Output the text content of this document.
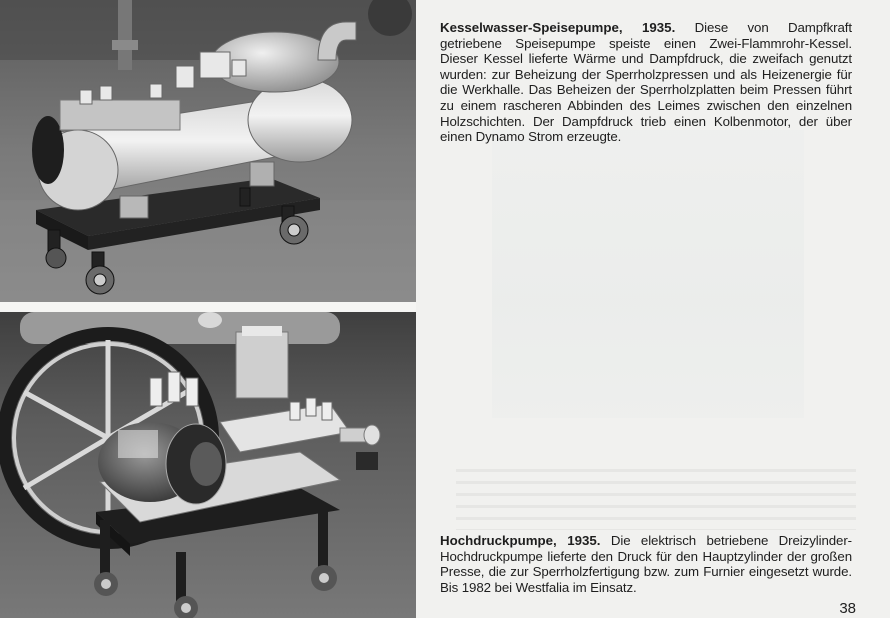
Kesselwasser-Speisepumpe, 1935. Diese von Dampfkraft getriebene Speisepumpe speiste einen Zwei-Flammrohr-Kessel. Dieser Kessel lieferte Wärme und Dampfdruck, die zweifach genutzt wurden: zur Beheizung der Sperrholzpressen und als Heizenergie für die Werkhalle. Das Beheizen der Sperrholzplatten beim Pressen führt zu einem rascheren Abbinden des Leimes zwischen den einzelnen Holzschichten. Der Dampfdruck trieb einen Kolbenmotor, der über einen Dynamo Strom erzeugte.
Hochdruckpumpe, 1935. Die elektrisch betriebene Dreizylinder-Hochdruckpumpe lieferte den Druck für den Hauptzylinder der großen Presse, die zur Sperrholzfertigung bzw. zum Furnier eingesetzt wurde. Bis 1982 bei Westfalia im Einsatz.
38
